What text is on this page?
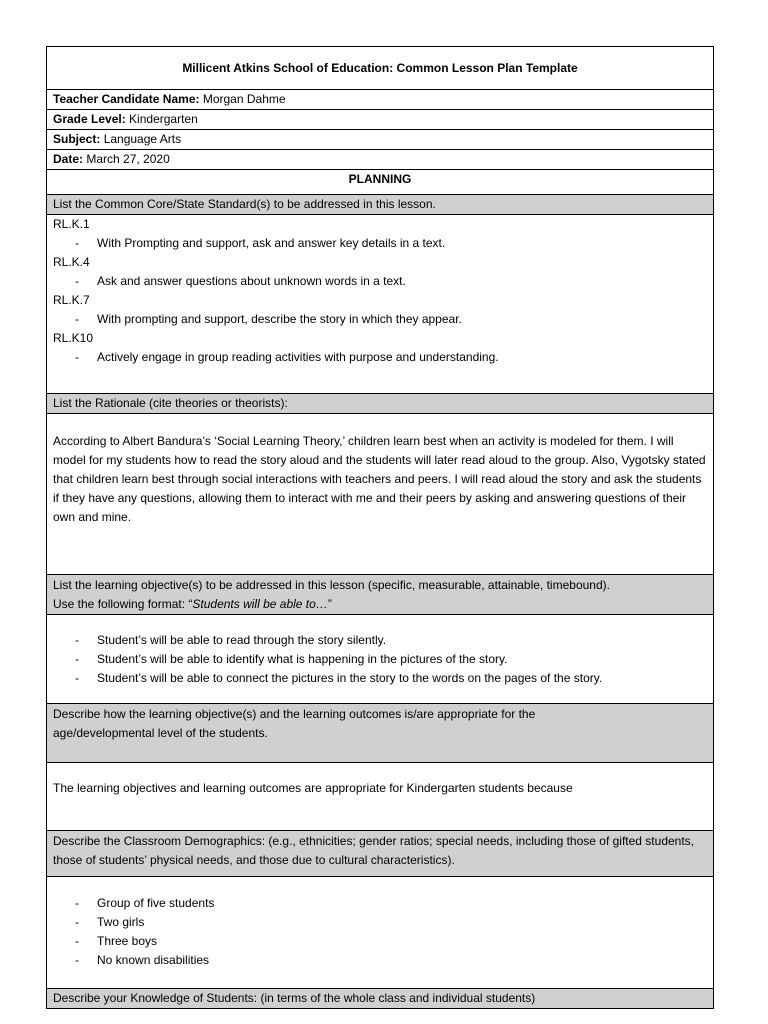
Millicent Atkins School of Education: Common Lesson Plan Template
Teacher Candidate Name: Morgan Dahme
Grade Level: Kindergarten
Subject: Language Arts
Date: March 27, 2020
PLANNING
List the Common Core/State Standard(s) to be addressed in this lesson.

RL.K.1
- With Prompting and support, ask and answer key details in a text.
RL.K.4
- Ask and answer questions about unknown words in a text.
RL.K.7
- With prompting and support, describe the story in which they appear.
RL.K10
- Actively engage in group reading activities with purpose and understanding.

List the Rationale (cite theories or theorists):

According to Albert Bandura’s ‘Social Learning Theory,’ children learn best when an activity is modeled for them. I will model for my students how to read the story aloud and the students will later read aloud to the group. Also, Vygotsky stated that children learn best through social interactions with teachers and peers. I will read aloud the story and ask the students if they have any questions, allowing them to interact with me and their peers by asking and answering questions of their own and mine.

List the learning objective(s) to be addressed in this lesson (specific, measurable, attainable, timebound).
Use the following format: “Students will be able to…”

- Student’s will be able to read through the story silently.
- Student’s will be able to identify what is happening in the pictures of the story.
- Student’s will be able to connect the pictures in the story to the words on the pages of the story.

Describe how the learning objective(s) and the learning outcomes is/are appropriate for the age/developmental level of the students.

The learning objectives and learning outcomes are appropriate for Kindergarten students because

Describe the Classroom Demographics: (e.g., ethnicities; gender ratios; special needs, including those of gifted students, those of students’ physical needs, and those due to cultural characteristics).

- Group of five students
- Two girls
- Three boys
- No known disabilities

Describe your Knowledge of Students: (in terms of the whole class and individual students)
